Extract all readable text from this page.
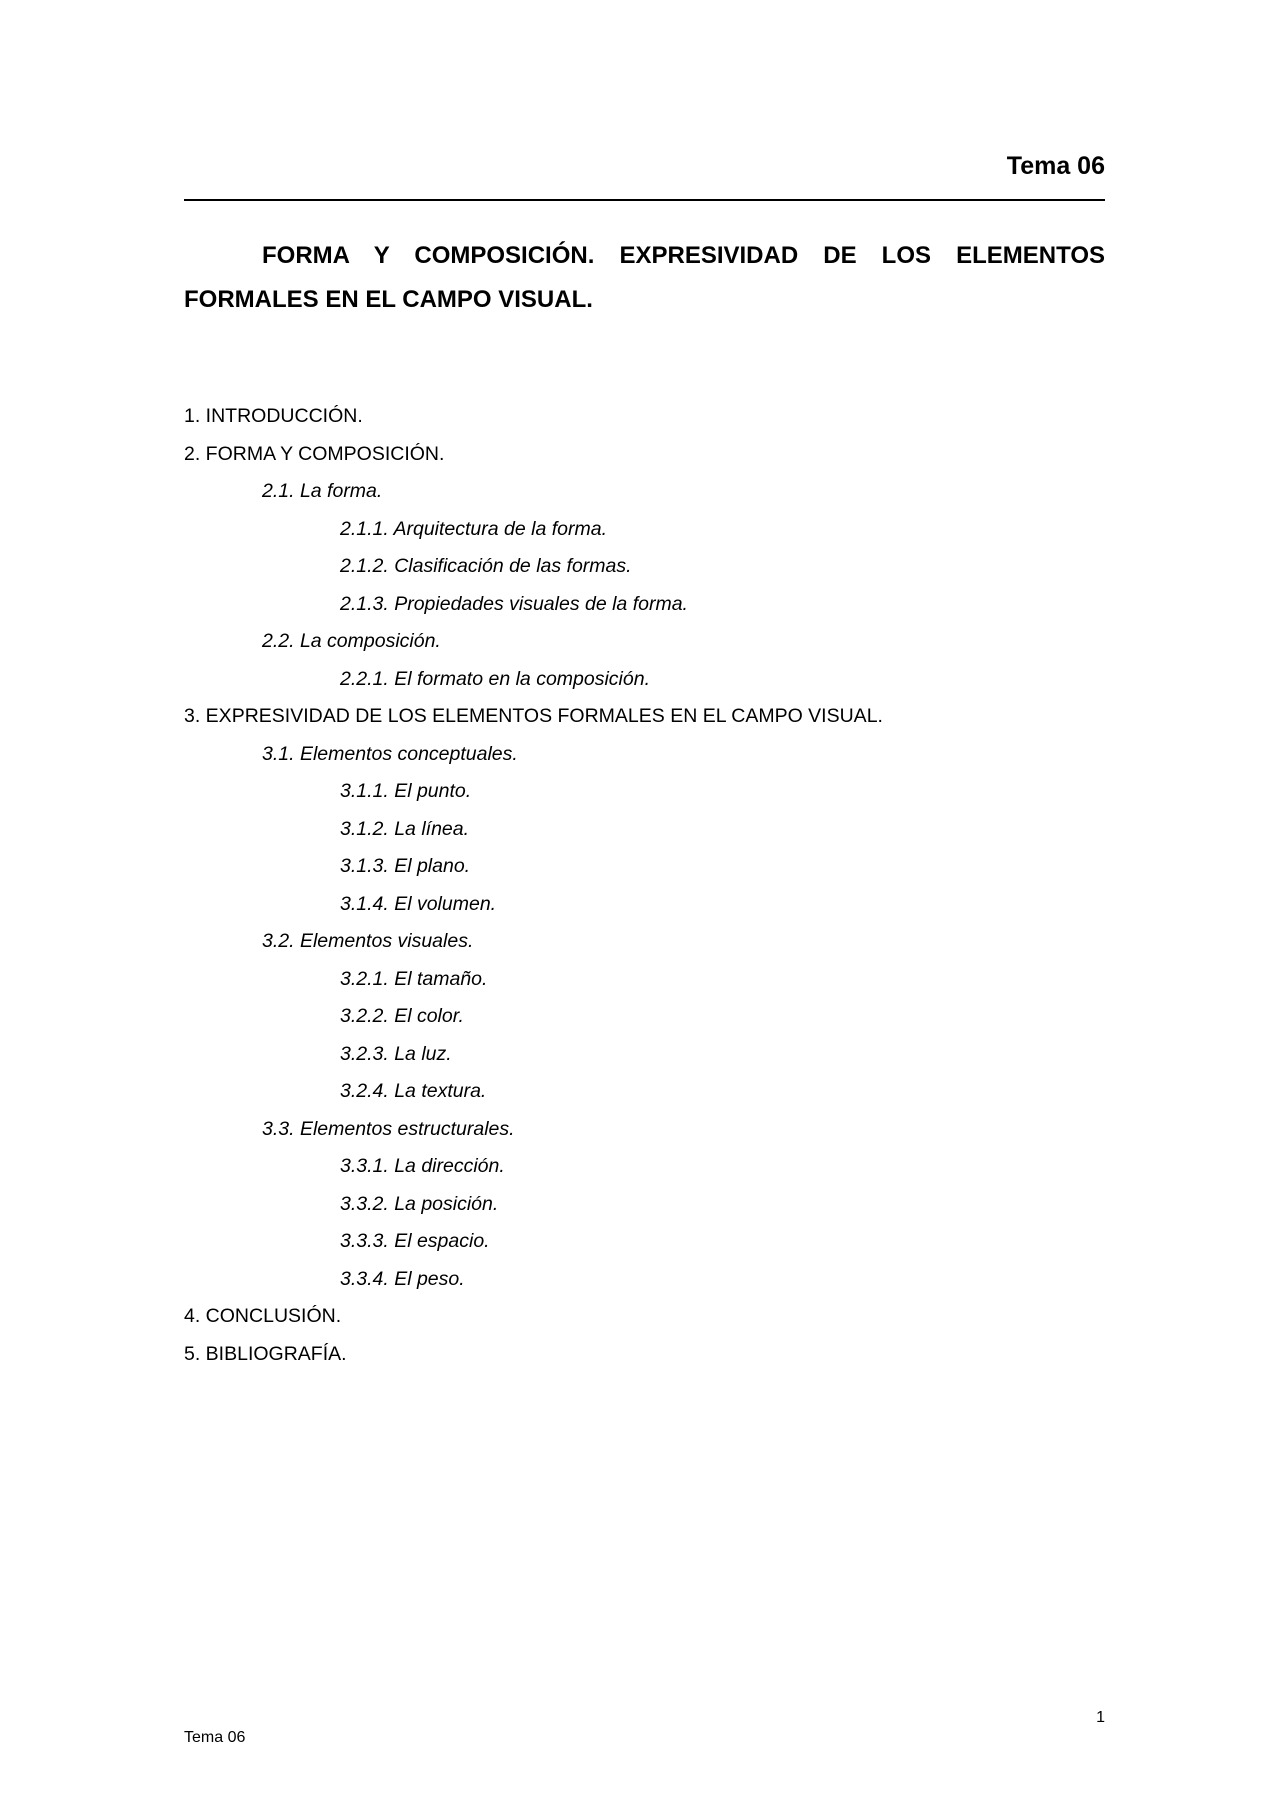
Tema 06

FORMA Y COMPOSICIÓN. EXPRESIVIDAD DE LOS ELEMENTOS FORMALES EN EL CAMPO VISUAL.

1. INTRODUCCIÓN.
2. FORMA Y COMPOSICIÓN.
2.1. La forma.
2.1.1. Arquitectura de la forma.
2.1.2. Clasificación de las formas.
2.1.3. Propiedades visuales de la forma.
2.2. La composición.
2.2.1. El formato en la composición.
3. EXPRESIVIDAD DE LOS ELEMENTOS FORMALES EN EL CAMPO VISUAL.
3.1. Elementos conceptuales.
3.1.1. El punto.
3.1.2. La línea.
3.1.3. El plano.
3.1.4. El volumen.
3.2. Elementos visuales.
3.2.1. El tamaño.
3.2.2. El color.
3.2.3. La luz.
3.2.4. La textura.
3.3. Elementos estructurales.
3.3.1. La dirección.
3.3.2. La posición.
3.3.3. El espacio.
3.3.4. El peso.
4. CONCLUSIÓN.
5. BIBLIOGRAFÍA.
1
Tema 06
